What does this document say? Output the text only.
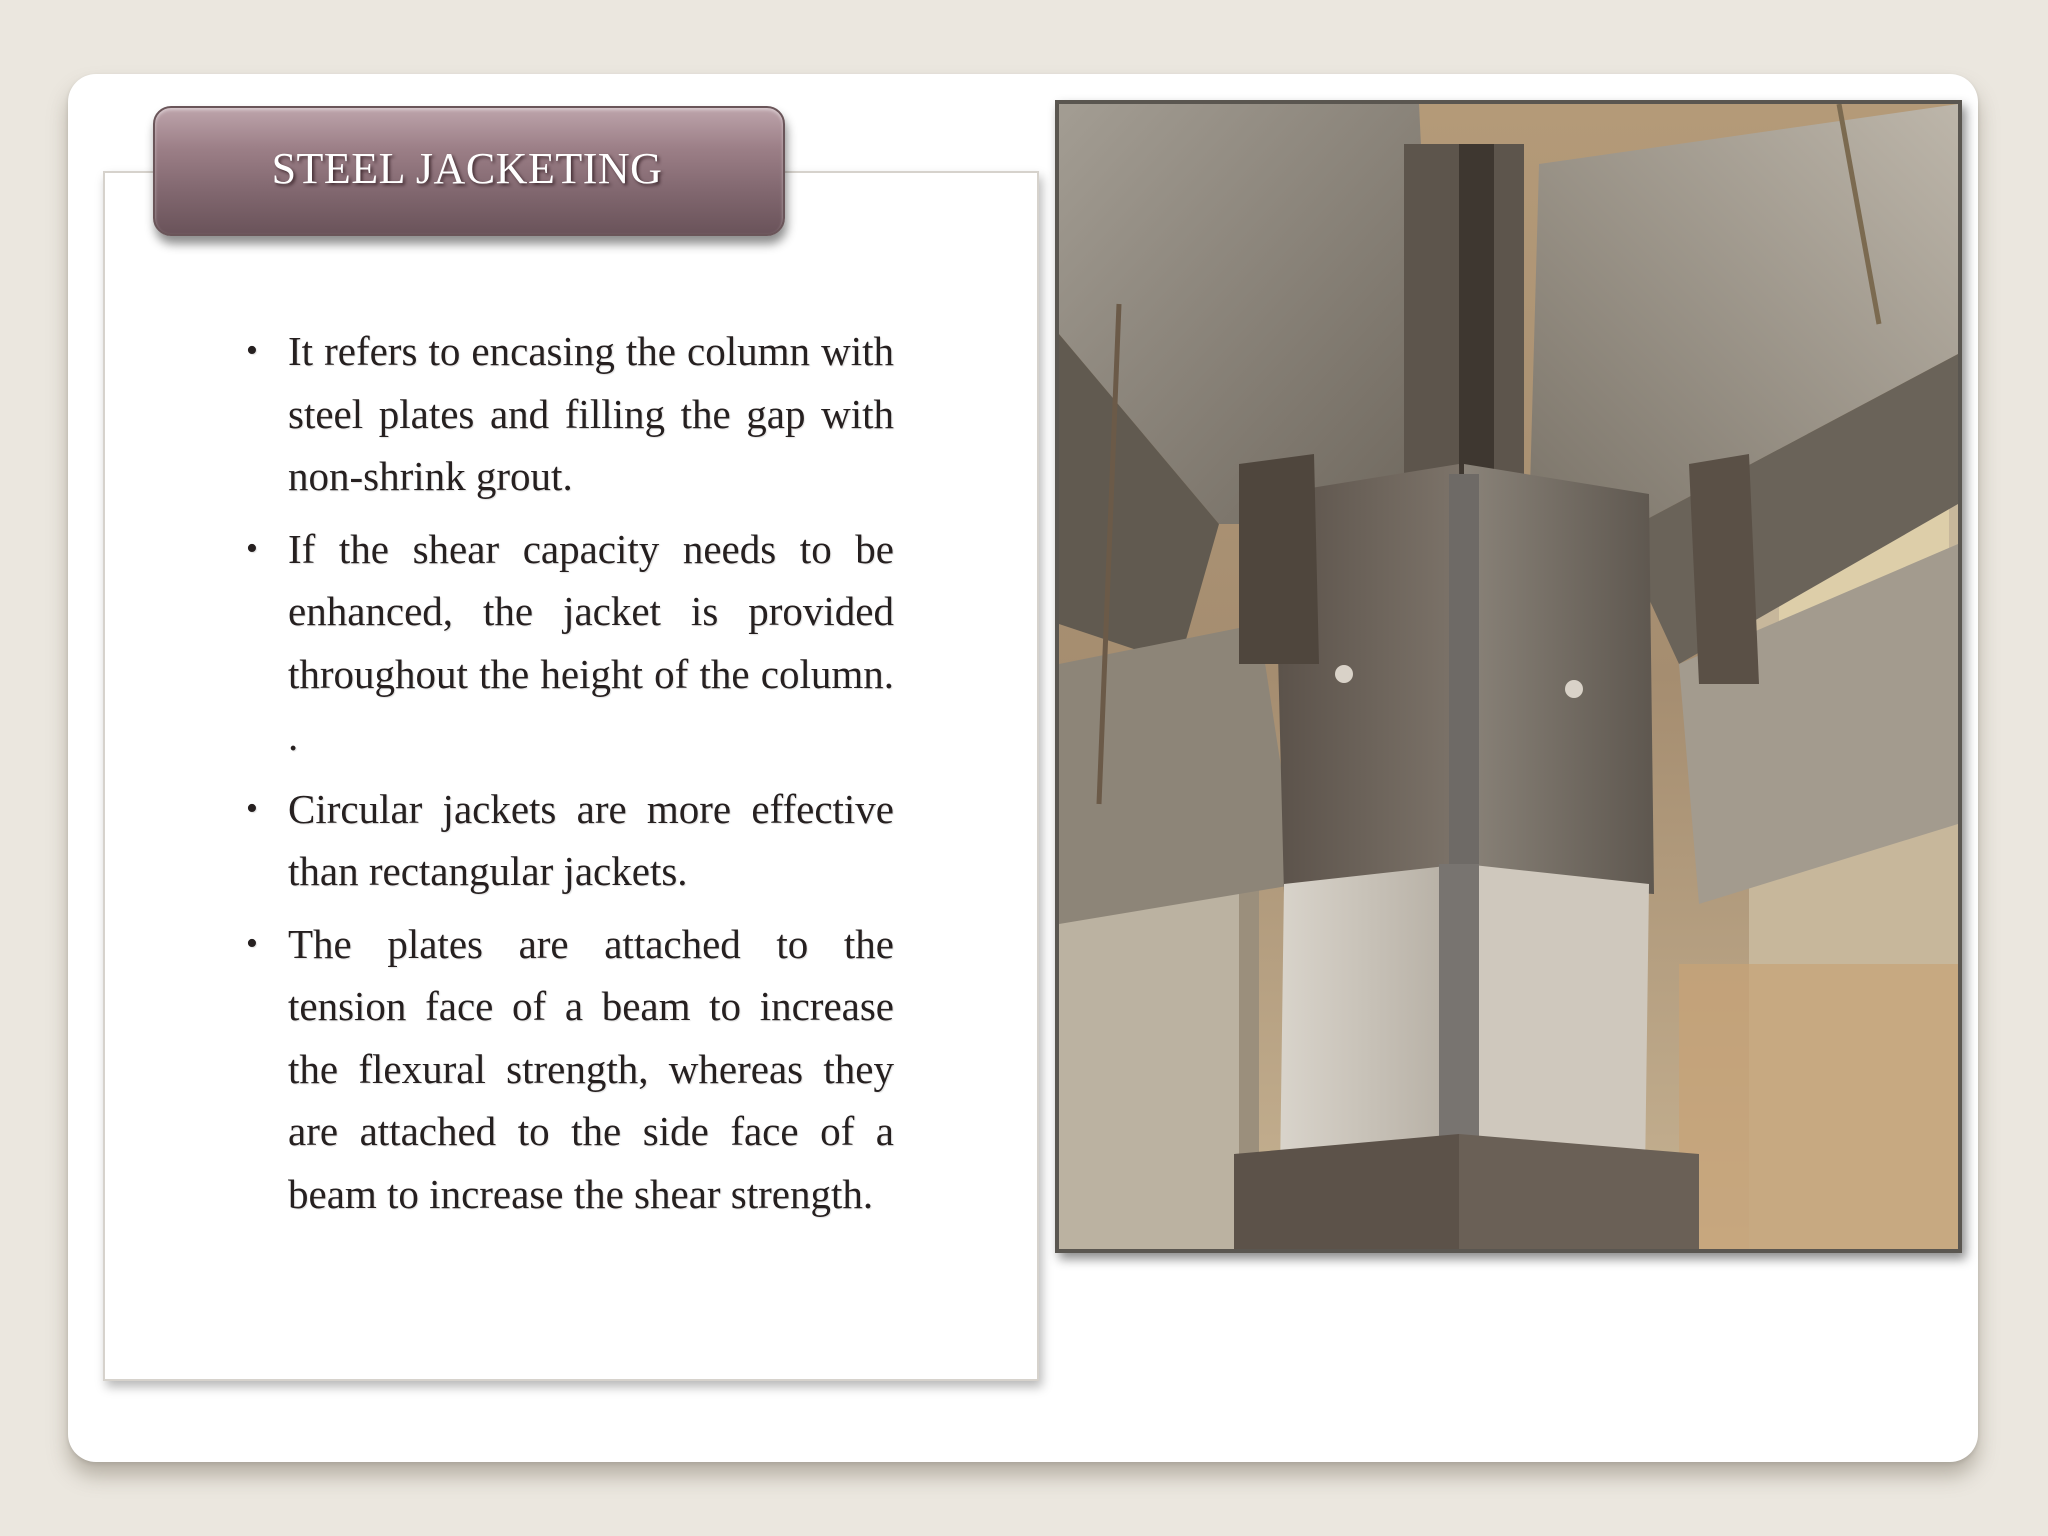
STEEL JACKETING
• It refers to encasing the column with steel plates and filling the gap with non-shrink grout.
• If the shear capacity needs to be enhanced, the jacket is provided throughout the height of the column. .
• Circular jackets are more effective than rectangular jackets.
• The plates are attached to the tension face of a beam to increase the flexural strength, whereas they are attached to the side face of a beam to increase the shear strength.
